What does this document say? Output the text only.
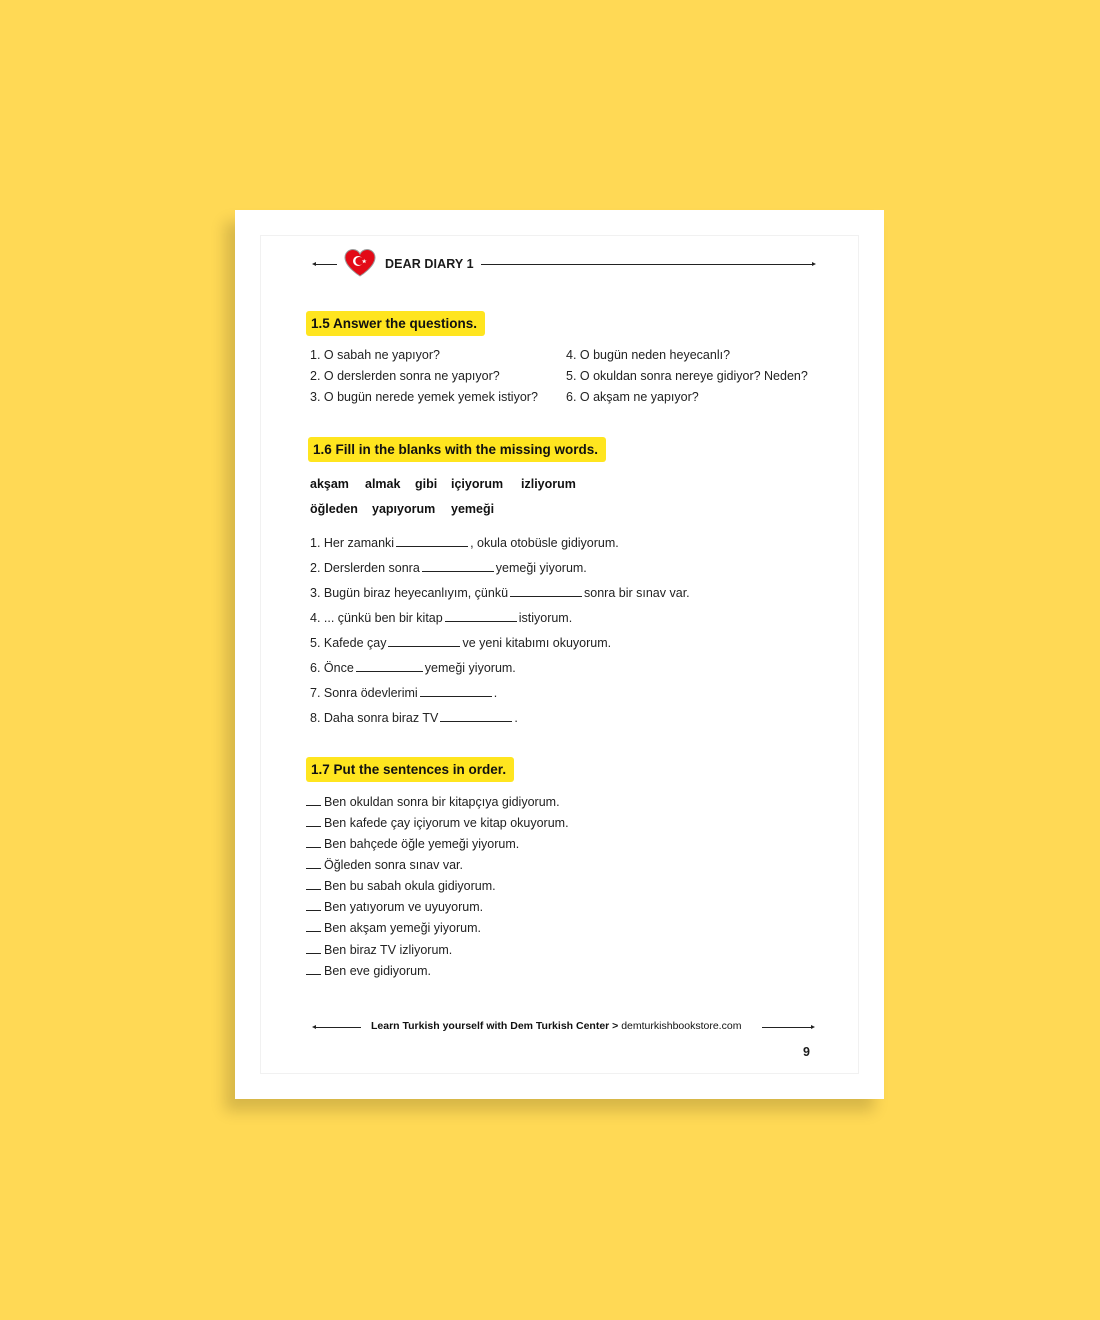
DEAR DIARY 1
1.5 Answer the questions.
1. O sabah ne yapıyor?
2. O derslerden sonra ne yapıyor?
3. O bugün nerede yemek yemek istiyor?
4. O bugün neden heyecanlı?
5. O okuldan sonra nereye gidiyor? Neden?
6. O akşam ne yapıyor?
1.6 Fill in the blanks with the missing words.
akşam almak gibi içiyorum izliyorum
öğleden yapıyorum yemeği
1. Her zamanki	, okula otobüsle gidiyorum.
2. Derslerden sonra	yemeği yiyorum.
3. Bugün biraz heyecanlıyım, çünkü	sonra bir sınav var.
4. ... çünkü ben bir kitap	istiyorum.
5. Kafede çay	ve yeni kitabımı okuyorum.
6. Önce	yemeği yiyorum.
7. Sonra ödevlerimi	.
8. Daha sonra biraz TV	.
1.7 Put the sentences in order.
Ben okuldan sonra bir kitapçıya gidiyorum.
Ben kafede çay içiyorum ve kitap okuyorum.
Ben bahçede öğle yemeği yiyorum.
Öğleden sonra sınav var.
Ben bu sabah okula gidiyorum.
Ben yatıyorum ve uyuyorum.
Ben akşam yemeği yiyorum.
Ben biraz TV izliyorum.
Ben eve gidiyorum.
Learn Turkish yourself with Dem Turkish Center > demturkishbookstore.com
9
